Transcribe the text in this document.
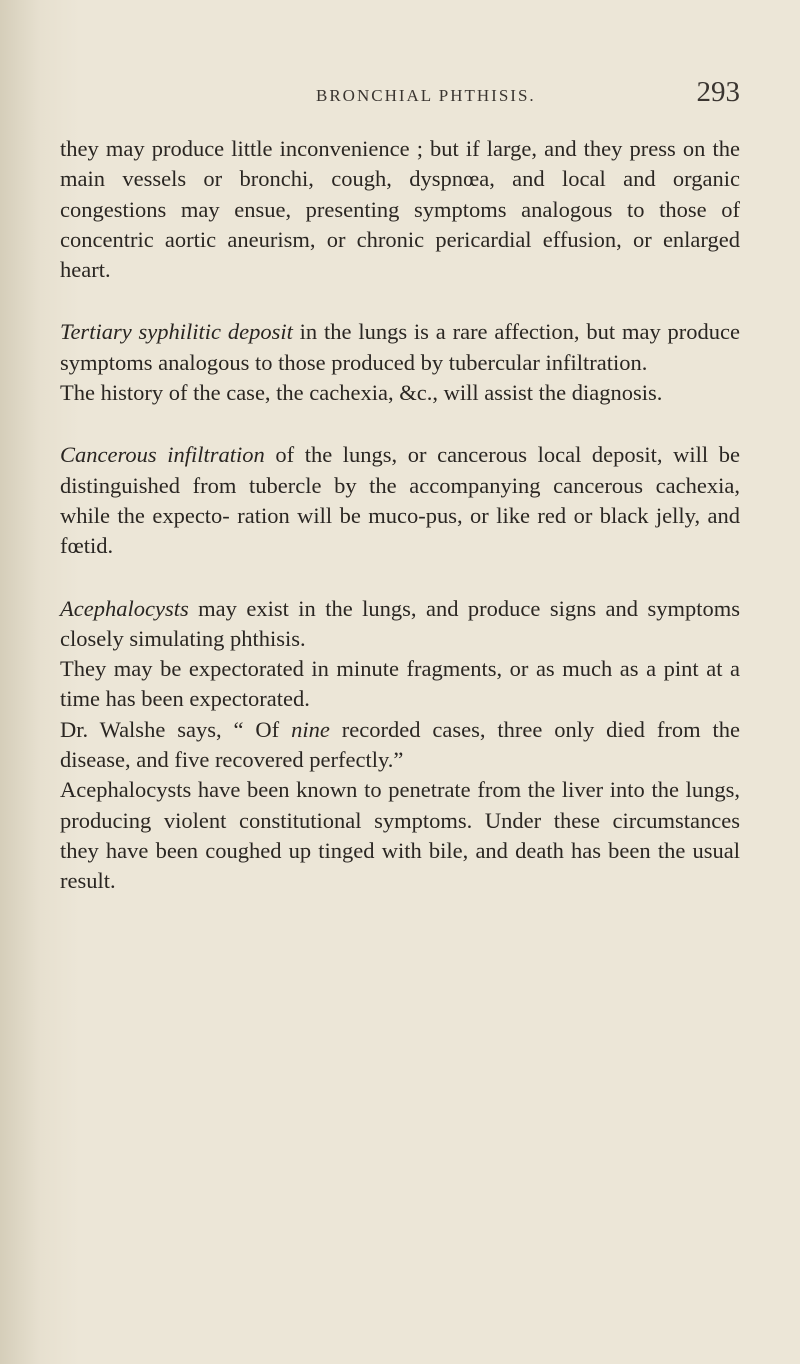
BRONCHIAL PHTHISIS.	293

they may produce little inconvenience ; but if large, and they press on the main vessels or bronchi, cough, dyspnœa, and local and organic congestions may ensue, presenting symptoms analogous to those of concentric aortic aneurism, or chronic pericardial effusion, or enlarged heart.

Tertiary syphilitic deposit in the lungs is a rare affection, but may produce symptoms analogous to those produced by tubercular infiltration.

The history of the case, the cachexia, &c., will assist the diagnosis.

Cancerous infiltration of the lungs, or cancerous local deposit, will be distinguished from tubercle by the accompanying cancerous cachexia, while the expecto- ration will be muco-pus, or like red or black jelly, and fœtid.

Acephalocysts may exist in the lungs, and produce signs and symptoms closely simulating phthisis.

They may be expectorated in minute fragments, or as much as a pint at a time has been expectorated.

Dr. Walshe says, “ Of nine recorded cases, three only died from the disease, and five recovered perfectly.”

Acephalocysts have been known to penetrate from the liver into the lungs, producing violent constitutional symptoms. Under these circumstances they have been coughed up tinged with bile, and death has been the usual result.
